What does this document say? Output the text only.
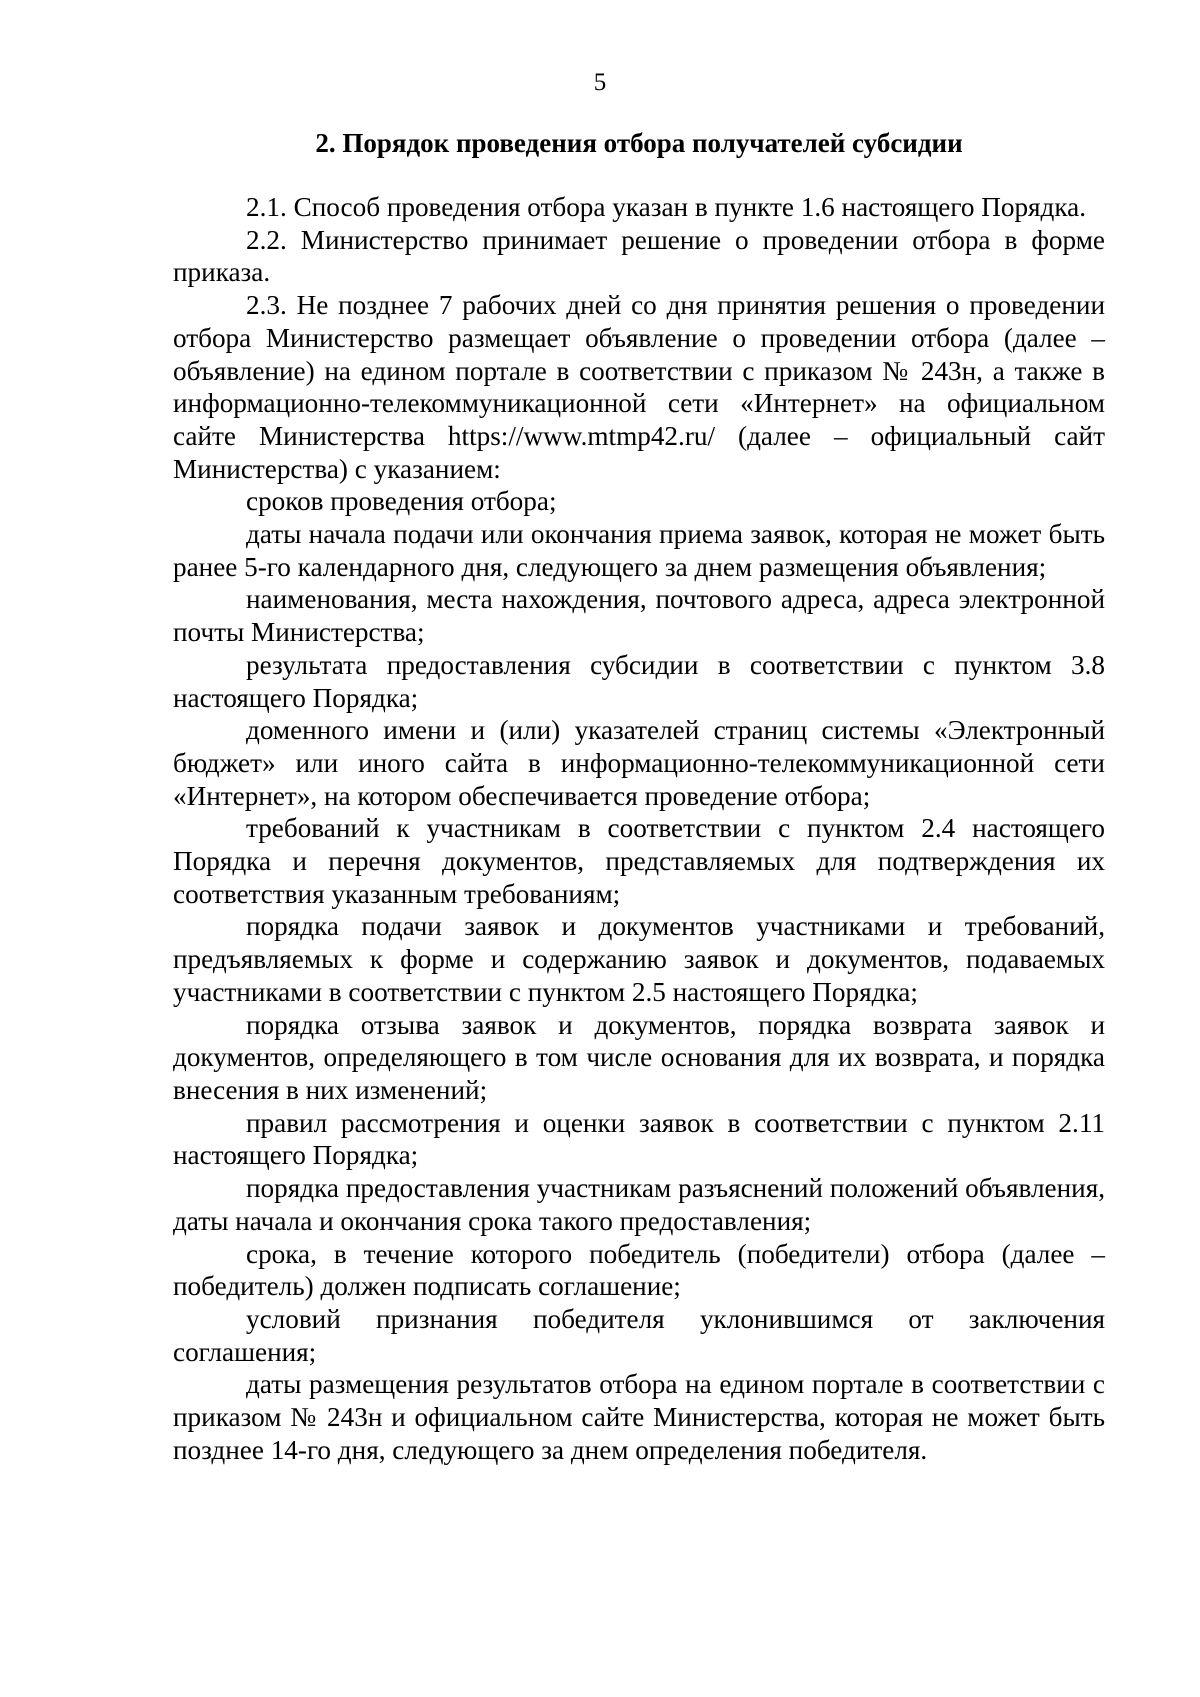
5
2. Порядок проведения отбора получателей субсидии

2.1. Способ проведения отбора указан в пункте 1.6 настоящего Порядка.

2.2. Министерство принимает решение о проведении отбора в форме приказа.

2.3. Не позднее 7 рабочих дней со дня принятия решения о проведении отбора Министерство размещает объявление о проведении отбора (далее – объявление) на едином портале в соответствии с приказом № 243н, а также в информационно-телекоммуникационной сети «Интернет» на официальном сайте Министерства https://www.mtmp42.ru/ (далее – официальный сайт Министерства) с указанием:

сроков проведения отбора;

даты начала подачи или окончания приема заявок, которая не может быть ранее 5-го календарного дня, следующего за днем размещения объявления;

наименования, места нахождения, почтового адреса, адреса электронной почты Министерства;

результата предоставления субсидии в соответствии с пунктом 3.8 настоящего Порядка;

доменного имени и (или) указателей страниц системы «Электронный бюджет» или иного сайта в информационно-телекоммуникационной сети «Интернет», на котором обеспечивается проведение отбора;

требований к участникам в соответствии с пунктом 2.4 настоящего Порядка и перечня документов, представляемых для подтверждения их соответствия указанным требованиям;

порядка подачи заявок и документов участниками и требований, предъявляемых к форме и содержанию заявок и документов, подаваемых участниками в соответствии с пунктом 2.5 настоящего Порядка;

порядка отзыва заявок и документов, порядка возврата заявок и документов, определяющего в том числе основания для их возврата, и порядка внесения в них изменений;

правил рассмотрения и оценки заявок в соответствии с пунктом 2.11 настоящего Порядка;

порядка предоставления участникам разъяснений положений объявления, даты начала и окончания срока такого предоставления;

срока, в течение которого победитель (победители) отбора (далее – победитель) должен подписать соглашение;

условий признания победителя уклонившимся от заключения соглашения;

даты размещения результатов отбора на едином портале в соответствии с приказом № 243н и официальном сайте Министерства, которая не может быть позднее 14-го дня, следующего за днем определения победителя.
